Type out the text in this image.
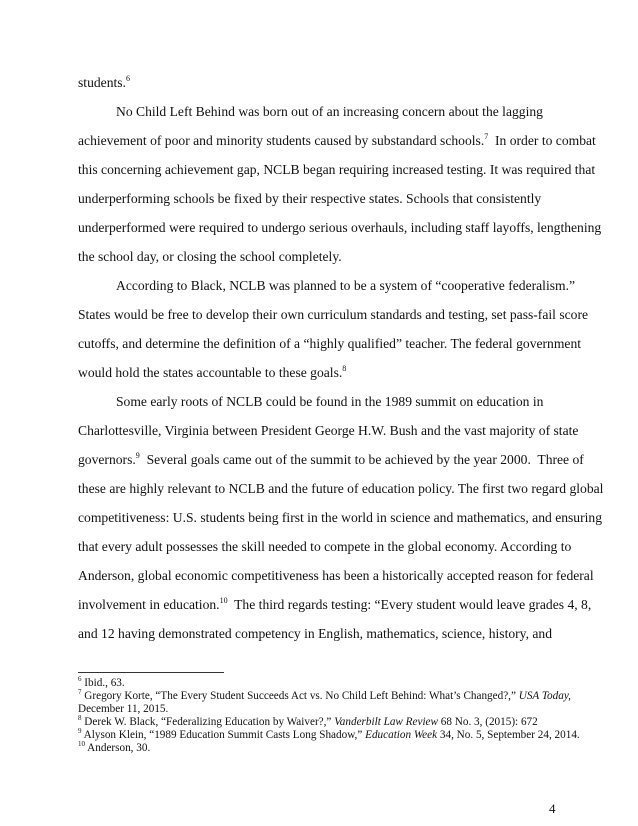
students.$^6$
No Child Left Behind was born out of an increasing concern about the lagging
achievement of poor and minority students caused by substandard schools.$^7$  In order to combat
this concerning achievement gap, NCLB began requiring increased testing. It was required that
underperforming schools be fixed by their respective states. Schools that consistently
underperformed were required to undergo serious overhauls, including staff layoffs, lengthening
the school day, or closing the school completely.
According to Black, NCLB was planned to be a system of “cooperative federalism.”
States would be free to develop their own curriculum standards and testing, set pass-fail score
cutoffs, and determine the definition of a “highly qualified” teacher. The federal government
would hold the states accountable to these goals.$^8$
Some early roots of NCLB could be found in the 1989 summit on education in
Charlottesville, Virginia between President George H.W. Bush and the vast majority of state
governors.$^9$  Several goals came out of the summit to be achieved by the year 2000.  Three of
these are highly relevant to NCLB and the future of education policy. The first two regard global
competitiveness: U.S. students being first in the world in science and mathematics, and ensuring
that every adult possesses the skill needed to compete in the global economy. According to
Anderson, global economic competitiveness has been a historically accepted reason for federal
involvement in education.$^{10}$  The third regards testing: “Every student would leave grades 4, 8,
and 12 having demonstrated competency in English, mathematics, science, history, and
$^6$ Ibid., 63.
$^7$ Gregory Korte, “The Every Student Succeeds Act vs. No Child Left Behind: What’s Changed?,” USA Today,
December 11, 2015.
$^8$ Derek W. Black, “Federalizing Education by Waiver?,” Vanderbilt Law Review 68 No. 3, (2015): 672
$^9$ Alyson Klein, “1989 Education Summit Casts Long Shadow,” Education Week 34, No. 5, September 24, 2014.
$^{10}$ Anderson, 30.
4
